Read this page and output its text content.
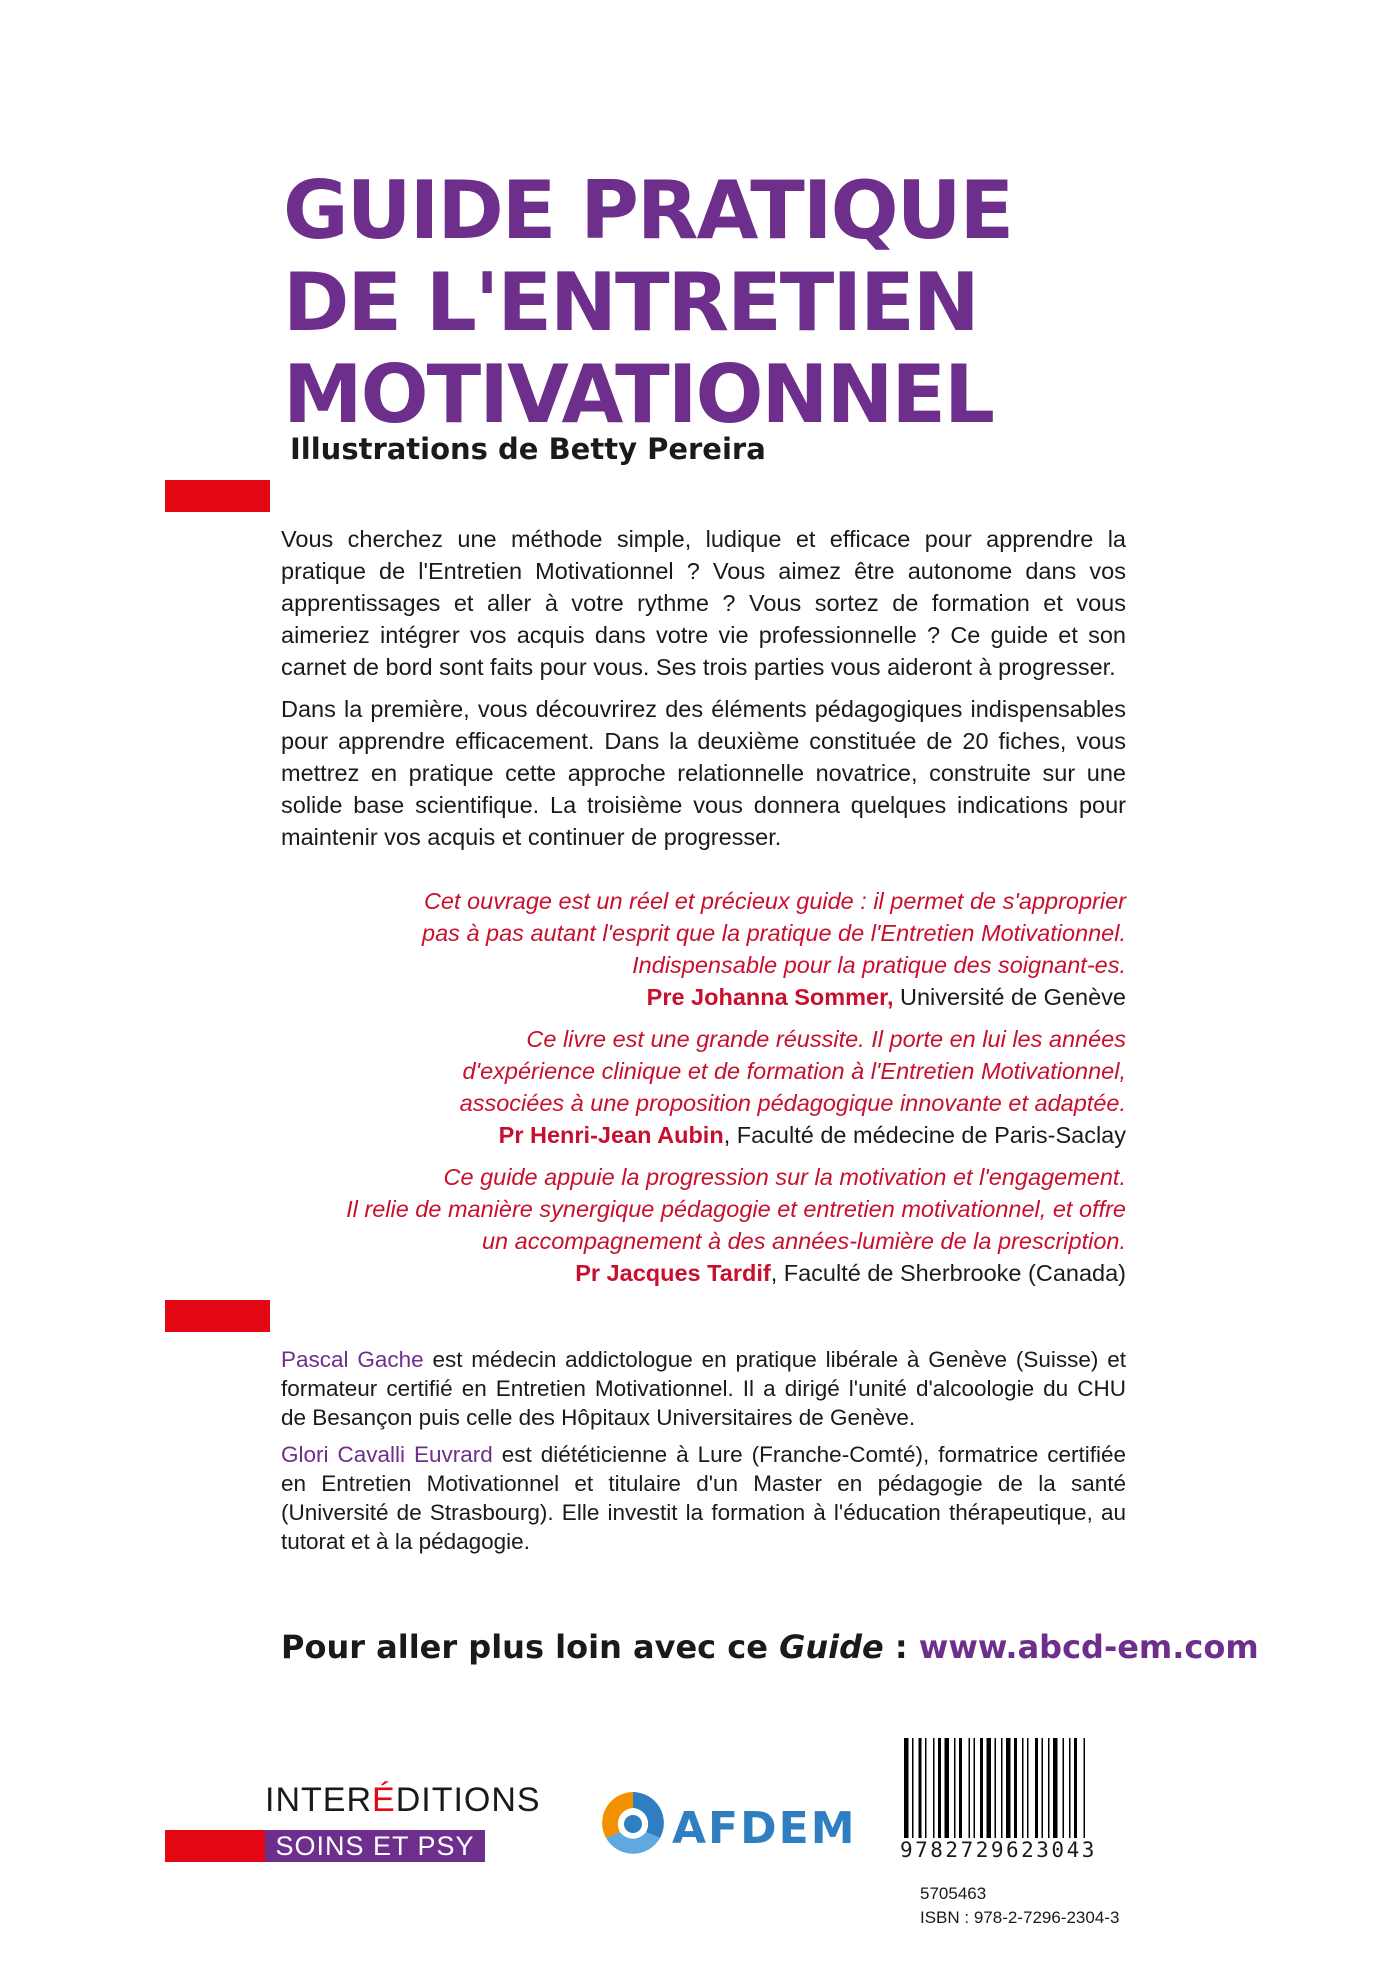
GUIDE PRATIQUE
DE L'ENTRETIEN
MOTIVATIONNEL
Illustrations de Betty Pereira

Vous cherchez une méthode simple, ludique et efficace pour apprendre la pratique de l'Entretien Motivationnel ? Vous aimez être autonome dans vos apprentissages et aller à votre rythme ? Vous sortez de formation et vous aimeriez intégrer vos acquis dans votre vie professionnelle ? Ce guide et son carnet de bord sont faits pour vous. Ses trois parties vous aideront à progresser.

Dans la première, vous découvrirez des éléments pédagogiques indispensables pour apprendre efficacement. Dans la deuxième constituée de 20 fiches, vous mettrez en pratique cette approche relationnelle novatrice, construite sur une solide base scientifique. La troisième vous donnera quelques indications pour maintenir vos acquis et continuer de progresser.

Cet ouvrage est un réel et précieux guide : il permet de s'approprier
pas à pas autant l'esprit que la pratique de l'Entretien Motivationnel.
Indispensable pour la pratique des soignant-es.
Pre Johanna Sommer, Université de Genève
Ce livre est une grande réussite. Il porte en lui les années
d'expérience clinique et de formation à l'Entretien Motivationnel,
associées à une proposition pédagogique innovante et adaptée.
Pr Henri-Jean Aubin, Faculté de médecine de Paris-Saclay
Ce guide appuie la progression sur la motivation et l'engagement.
Il relie de manière synergique pédagogie et entretien motivationnel, et offre
un accompagnement à des années-lumière de la prescription.
Pr Jacques Tardif, Faculté de Sherbrooke (Canada)

Pascal Gache est médecin addictologue en pratique libérale à Genève (Suisse) et formateur certifié en Entretien Motivationnel. Il a dirigé l'unité d'alcoologie du CHU de Besançon puis celle des Hôpitaux Universitaires de Genève.

Glori Cavalli Euvrard est diététicienne à Lure (Franche-Comté), formatrice certifiée en Entretien Motivationnel et titulaire d'un Master en pédagogie de la santé (Université de Strasbourg). Elle investit la formation à l'éducation thérapeutique, au tutorat et à la pédagogie.

Pour aller plus loin avec ce Guide : www.abcd-em.com
INTERÉDITIONS
SOINS ET PSY	AFDEM 9782729623043
5705463
ISBN : 978-2-7296-2304-3
